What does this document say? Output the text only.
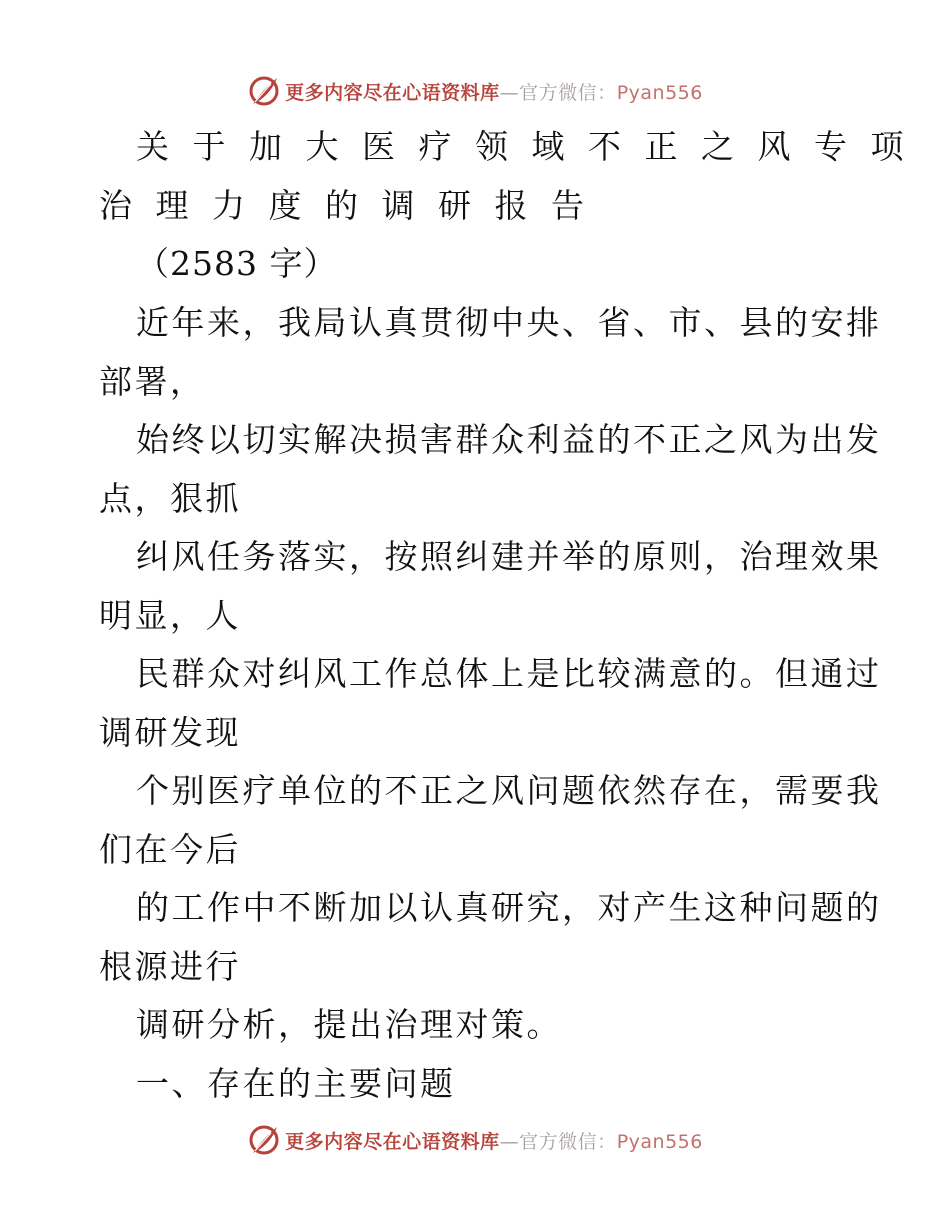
更多内容尽在心语资料库—官方微信：Pyan556
关于加大医疗领域不正之风专项
治理力度的调研报告
（2583 字）
近年来，我局认真贯彻中央、省、市、县的安排
部署，
始终以切实解决损害群众利益的不正之风为出发
点，狠抓
纠风任务落实，按照纠建并举的原则，治理效果
明显，人
民群众对纠风工作总体上是比较满意的。但通过
调研发现
个别医疗单位的不正之风问题依然存在，需要我
们在今后
的工作中不断加以认真研究，对产生这种问题的
根源进行
调研分析，提出治理对策。
一、存在的主要问题
更多内容尽在心语资料库—官方微信：Pyan556
